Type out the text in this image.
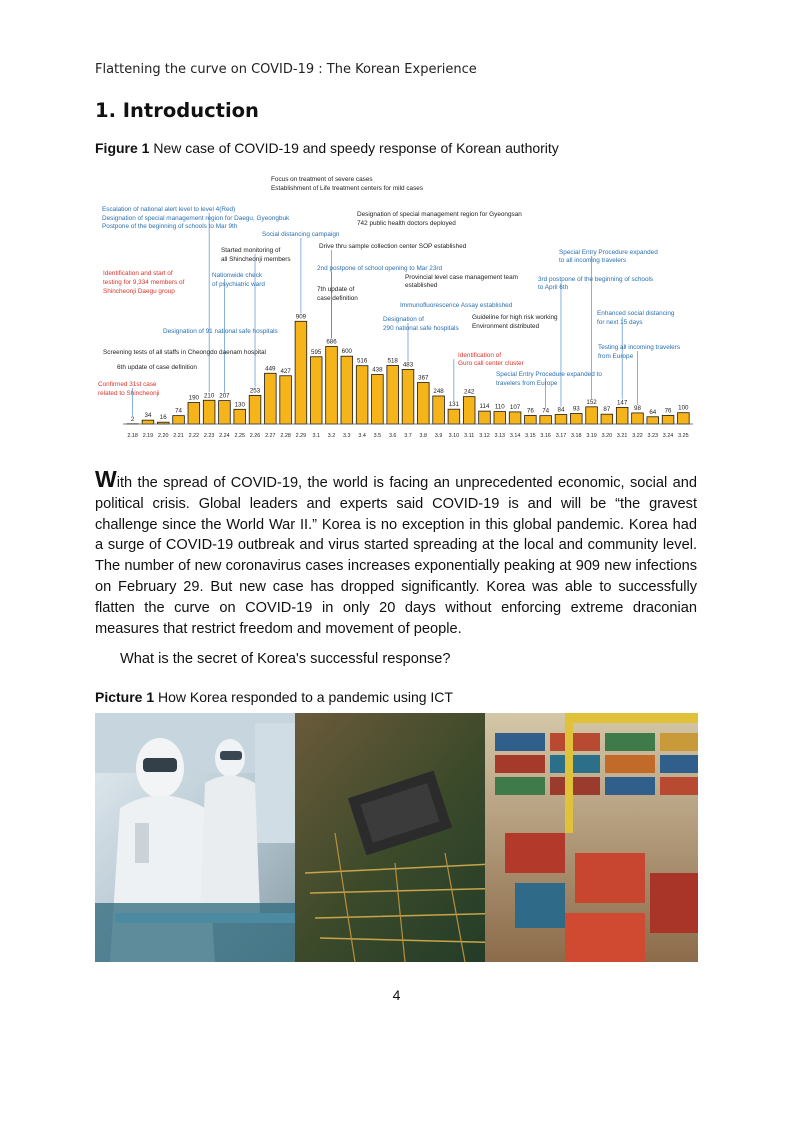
Flattening the curve on COVID-19 : The Korean Experience
1. Introduction
Figure 1 New case of COVID-19 and speedy response of Korean authority
2
34 16
74
190 210 207
130
253
449 427
909
595
686
600
516
438
518
483
367
248
131
242
114 110 107 76 74 84 93
152
87
147
98
64 76 100
2.18 2.19 2.20 2.21 2.22 2.23 2.24 2.25 2.26 2.27 2.28 2.29 3.1 3.2 3.3 3.4 3.5 3.6 3.7 3.8 3.9 3.10 3.11 3.12 3.13 3.14 3.15 3.16 3.17 3.18 3.19 3.20 3.21 3.22 3.23 3.24 3.25
Focus on treatment of severe cases
Establishment of Life treatment centers for mild cases
Escalation of national alert level to level 4(Red)
Designation of special management region for Daegu, Gyeongbuk
Postpone of the beginning of schools to Mar 9th
Designation of special management region for Gyeongsan
742 public health doctors deployed
Social distancing campaign
Started monitoring of
all Shincheonji members
Drive thru sample collection center SOP established
Special Entry Procedure expanded
to all incoming travelers
2nd postpone of school opening to Mar 23rd
Identification and start of
testing for 9,334 members of
Shincheonji Daegu group
Nationwide check
of psychiatric ward
Provincial level case management team
established
3rd postpone of the beginning of schools
to April 6th
7th update of
case definition
Immunofluorescence Assay established
Enhanced social distancing
for next 15 days
Designation of	Guideline for high risk working
290 national safe hospitals Environment distributed
Designation of 91 national safe hospitals
Testing all incoming travelers
from Europe
Screening tests of all staffs in Cheongdo daenam hospital	Identification of
Guro call center cluster
6th update of case definition
Special Entry Procedure expanded to
travelers from Europe
Confirmed 31st case
related to Shincheonji
With the spread of COVID-19, the world is facing an unprecedented economic, social and political crisis. Global leaders and experts said COVID-19 is and will be “the gravest challenge since the World War II.” Korea is no exception in this global pandemic. Korea had a surge of COVID-19 outbreak and virus started spreading at the local and community level. The number of new coronavirus cases increases exponentially peaking at 909 new infections on February 29. But new case has dropped significantly. Korea was able to successfully flatten the curve on COVID-19 in only 20 days without enforcing extreme draconian measures that restrict freedom and movement of people.
What is the secret of Korea's successful response?
Picture 1 How Korea responded to a pandemic using ICT
4
